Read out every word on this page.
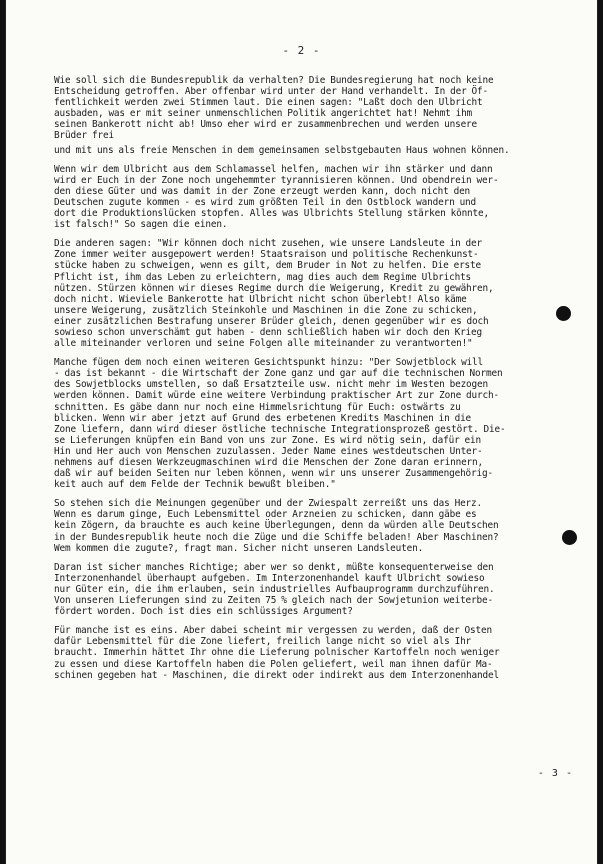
- 2 -

Wie soll sich die Bundesrepublik da verhalten? Die Bundesregierung hat noch keine
Entscheidung getroffen. Aber offenbar wird unter der Hand verhandelt. In der Öf-
fentlichkeit werden zwei Stimmen laut. Die einen sagen: "Laßt doch den Ulbricht
ausbaden, was er mit seiner unmenschlichen Politik angerichtet hat! Nehmt ihm
seinen Bankerott nicht ab! Umso eher wird er zusammenbrechen und werden unsere
Brüder frei

und mit uns als freie Menschen in dem gemeinsamen selbstgebauten Haus wohnen können.

Wenn wir dem Ulbricht aus dem Schlamassel helfen, machen wir ihn stärker und dann
wird er Euch in der Zone noch ungehemmter tyrannisieren können. Und obendrein wer-
den diese Güter und was damit in der Zone erzeugt werden kann, doch nicht den
Deutschen zugute kommen - es wird zum größten Teil in den Ostblock wandern und
dort die Produktionslücken stopfen. Alles was Ulbrichts Stellung stärken könnte,
ist falsch!" So sagen die einen.

Die anderen sagen: "Wir können doch nicht zusehen, wie unsere Landsleute in der
Zone immer weiter ausgepowert werden! Staatsraison und politische Rechenkunst-
stücke haben zu schweigen, wenn es gilt, dem Bruder in Not zu helfen. Die erste
Pflicht ist, ihm das Leben zu erleichtern, mag dies auch dem Regime Ulbrichts
nützen. Stürzen können wir dieses Regime durch die Weigerung, Kredit zu gewähren,
doch nicht. Wieviele Bankerotte hat Ulbricht nicht schon überlebt! Also käme
unsere Weigerung, zusätzlich Steinkohle und Maschinen in die Zone zu schicken,
einer zusätzlichen Bestrafung unserer Brüder gleich, denen gegenüber wir es doch
sowieso schon unverschämt gut haben - denn schließlich haben wir doch den Krieg
alle miteinander verloren und seine Folgen alle miteinander zu verantworten!"

Manche fügen dem noch einen weiteren Gesichtspunkt hinzu: "Der Sowjetblock will
- das ist bekannt - die Wirtschaft der Zone ganz und gar auf die technischen Normen
des Sowjetblocks umstellen, so daß Ersatzteile usw. nicht mehr im Westen bezogen
werden können. Damit würde eine weitere Verbindung praktischer Art zur Zone durch-
schnitten. Es gäbe dann nur noch eine Himmelsrichtung für Euch: ostwärts zu
blicken. Wenn wir aber jetzt auf Grund des erbetenen Kredits Maschinen in die
Zone liefern, dann wird dieser östliche technische Integrationsprozeß gestört. Die-
se Lieferungen knüpfen ein Band von uns zur Zone. Es wird nötig sein, dafür ein
Hin und Her auch von Menschen zuzulassen. Jeder Name eines westdeutschen Unter-
nehmens auf diesen Werkzeugmaschinen wird die Menschen der Zone daran erinnern,
daß wir auf beiden Seiten nur leben können, wenn wir uns unserer Zusammengehörig-
keit auch auf dem Felde der Technik bewußt bleiben."

So stehen sich die Meinungen gegenüber und der Zwiespalt zerreißt uns das Herz.
Wenn es darum ginge, Euch Lebensmittel oder Arzneien zu schicken, dann gäbe es
kein Zögern, da brauchte es auch keine Überlegungen, denn da würden alle Deutschen
in der Bundesrepublik heute noch die Züge und die Schiffe beladen! Aber Maschinen?
Wem kommen die zugute?, fragt man. Sicher nicht unseren Landsleuten.

Daran ist sicher manches Richtige; aber wer so denkt, müßte konsequenterweise den
Interzonenhandel überhaupt aufgeben. Im Interzonenhandel kauft Ulbricht sowieso
nur Güter ein, die ihm erlauben, sein industrielles Aufbauprogramm durchzuführen.
Von unseren Lieferungen sind zu Zeiten 75 % gleich nach der Sowjetunion weiterbe-
fördert worden. Doch ist dies ein schlüssiges Argument?

Für manche ist es eins. Aber dabei scheint mir vergessen zu werden, daß der Osten
dafür Lebensmittel für die Zone liefert, freilich lange nicht so viel als Ihr
braucht. Immerhin hättet Ihr ohne die Lieferung polnischer Kartoffeln noch weniger
zu essen und diese Kartoffeln haben die Polen geliefert, weil man ihnen dafür Ma-
schinen gegeben hat - Maschinen, die direkt oder indirekt aus dem Interzonenhandel

- 3 -
